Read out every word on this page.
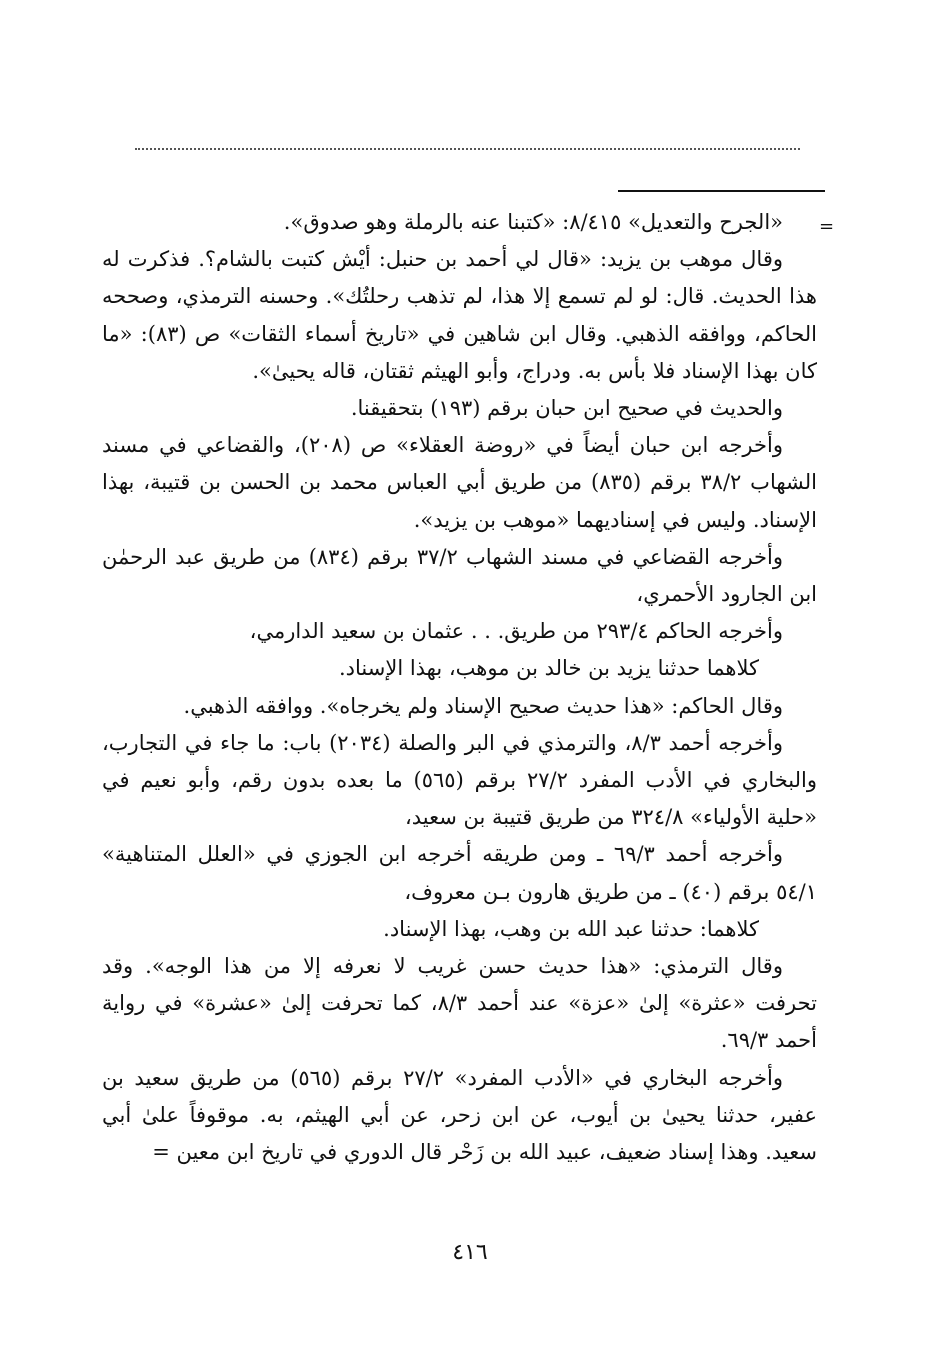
=

«الجرح والتعديل» ٨/٤١٥: «كتبنا عنه بالرملة وهو صدوق».

وقال موهب بن يزيد: «قال لي أحمد بن حنبل: أيْش كتبت بالشام؟. فذكرت له هذا الحديث. قال: لو لم تسمع إلا هذا، لم تذهب رحلتُك». وحسنه الترمذي، وصححه الحاكم، ووافقه الذهبي. وقال ابن شاهين في «تاريخ أسماء الثقات» ص (٨٣): «ما كان بهذا الإسناد فلا بأس به. ودراج، وأبو الهيثم ثقتان، قاله يحيىٰ».

والحديث في صحيح ابن حبان برقم (١٩٣) بتحقيقنا.

وأخرجه ابن حبان أيضاً في «روضة العقلاء» ص (٢٠٨)، والقضاعي في مسند الشهاب ٣٨/٢ برقم (٨٣٥) من طريق أبي العباس محمد بن الحسن بن قتيبة، بهذا الإسناد. وليس في إسناديهما «موهب بن يزيد».

وأخرجه القضاعي في مسند الشهاب ٣٧/٢ برقم (٨٣٤) من طريق عبد الرحمٰن ابن الجارود الأحمري،

وأخرجه الحاكم ٢٩٣/٤ من طريق. . . عثمان بن سعيد الدارمي،

كلاهما حدثنا يزيد بن خالد بن موهب، بهذا الإسناد.

وقال الحاكم: «هذا حديث صحيح الإسناد ولم يخرجاه». ووافقه الذهبي.

وأخرجه أحمد ٨/٣، والترمذي في البر والصلة (٢٠٣٤) باب: ما جاء في التجارب، والبخاري في الأدب المفرد ٢٧/٢ برقم (٥٦٥) ما بعده بدون رقم، وأبو نعيم في «حلية الأولياء» ٣٢٤/٨ من طريق قتيبة بن سعيد،

وأخرجه أحمد ٦٩/٣ ـ ومن طريقه أخرجه ابن الجوزي في «العلل المتناهية» ٥٤/١ برقم (٤٠) ـ من طريق هارون بـن معروف،

كلاهما: حدثنا عبد الله بن وهب، بهذا الإسناد.

وقال الترمذي: «هذا حديث حسن غريب لا نعرفه إلا من هذا الوجه». وقد تحرفت «عثرة» إلىٰ «عزة» عند أحمد ٨/٣، كما تحرفت إلىٰ «عشرة» في رواية أحمد ٦٩/٣.

وأخرجه البخاري في «الأدب المفرد» ٢٧/٢ برقم (٥٦٥) من طريق سعيد بن عفير، حدثنا يحيىٰ بن أيوب، عن ابن زحر، عن أبي الهيثم، به. موقوفاً علىٰ أبي سعيد. وهذا إسناد ضعيف، عبيد الله بن زَحْر قال الدوري في تاريخ ابن معين =

٤١٦
